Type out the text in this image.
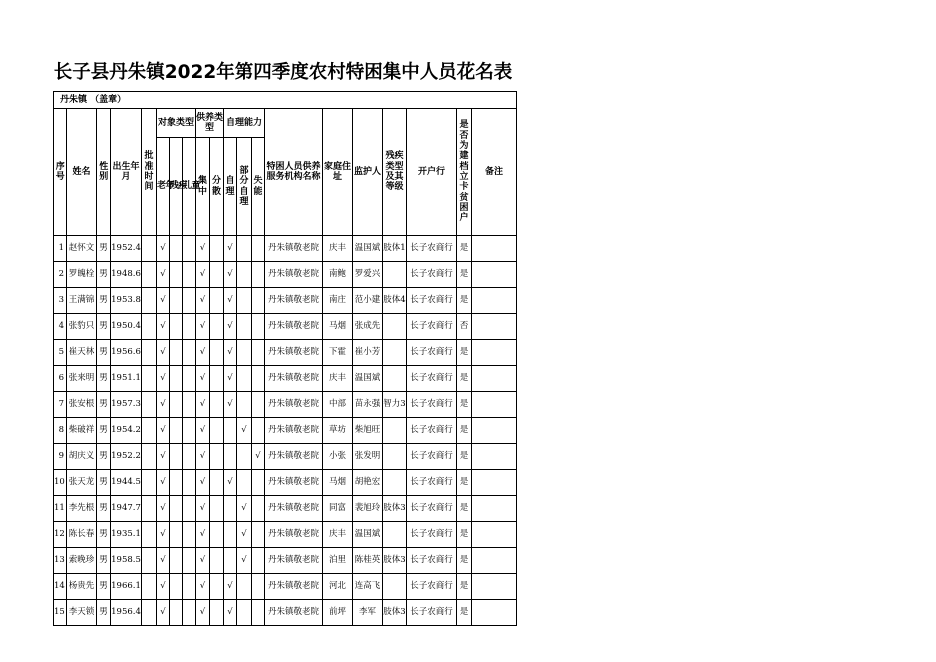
长子县丹朱镇2022年第四季度农村特困集中人员花名表
丹朱镇 （盖章）																			
序号	姓名	性别	出生年月	批准时间	对象类型			供养类型		自理能力			特困人员供养服务机构名称	家庭住址	监护人	残疾类型及其等级	开户行	是否为建档立卡贫困户	备注
					老年	残疾	儿童	集中	分散	自理	部分自理	失能							
1	赵怀文	男	1952.4		√			√		√			丹朱镇敬老院	庆丰	温国斌	肢体1	长子农商行	是	
2	罗魄栓	男	1948.6		√			√		√			丹朱镇敬老院	南鲍	罗爱兴		长子农商行	是	
3	王满锦	男	1953.8		√			√		√			丹朱镇敬老院	南庄	范小建	肢体4	长子农商行	是	
4	张豹只	男	1950.4		√			√		√			丹朱镇敬老院	马烟	张成先		长子农商行	否	
5	崔天林	男	1956.6		√			√		√			丹朱镇敬老院	下霍	崔小芳		长子农商行	是	
6	张来明	男	1951.1		√			√		√			丹朱镇敬老院	庆丰	温国斌		长子农商行	是	
7	张安根	男	1957.3		√			√		√			丹朱镇敬老院	中部	苗永强	智力3	长子农商行	是	
8	柴破祥	男	1954.2		√			√			√		丹朱镇敬老院	草坊	柴旭旺		长子农商行	是	
9	胡庆义	男	1952.2		√			√				√	丹朱镇敬老院	小张	张发明		长子农商行	是	
10	张天龙	男	1944.5		√			√		√			丹朱镇敬老院	马烟	胡艳宏		长子农商行	是	
11	李先根	男	1947.7		√			√			√		丹朱镇敬老院	同富	裴旭玲	肢体3	长子农商行	是	
12	陈长春	男	1935.1		√			√			√		丹朱镇敬老院	庆丰	温国斌		长子农商行	是	
13	索晚珍	男	1958.5		√			√			√		丹朱镇敬老院	泊里	陈桂英	肢体3	长子农商行	是	
14	杨贵先	男	1966.1		√			√		√			丹朱镇敬老院	河北	连高飞		长子农商行	是	
15	李天锁	男	1956.4		√			√		√			丹朱镇敬老院	前坪	李军	肢体3	长子农商行	是	
